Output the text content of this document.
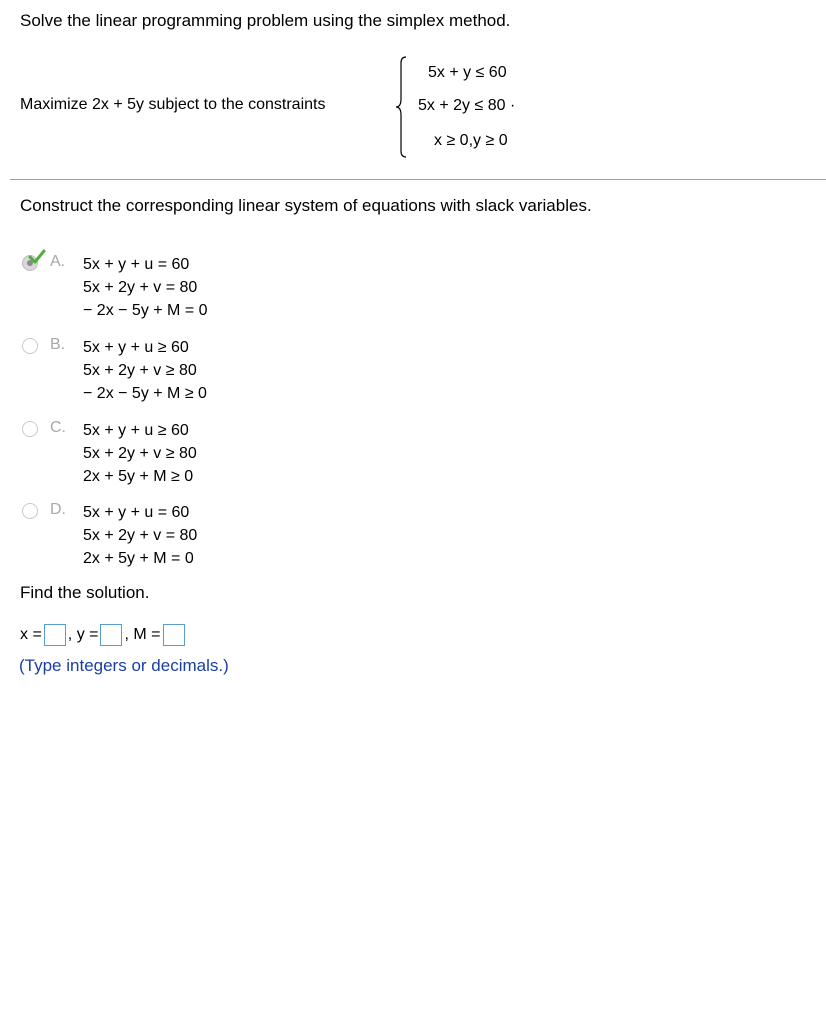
Solve the linear programming problem using the simplex method.
Maximize 2x + 5y subject to the constraints
5x + y ≤ 60
5x + 2y ≤ 80 ·
x ≥ 0,y ≥ 0
Construct the corresponding linear system of equations with slack variables.
A. 5x + y + u = 60
5x + 2y + v = 80
− 2x − 5y + M = 0
B. 5x + y + u ≥ 60
5x + 2y + v ≥ 80
− 2x − 5y + M ≥ 0
C. 5x + y + u ≥ 60
5x + 2y + v ≥ 80
2x + 5y + M ≥ 0
D. 5x + y + u = 60
5x + 2y + v = 80
2x + 5y + M = 0
Find the solution.
x = , y = , M =
(Type integers or decimals.)
